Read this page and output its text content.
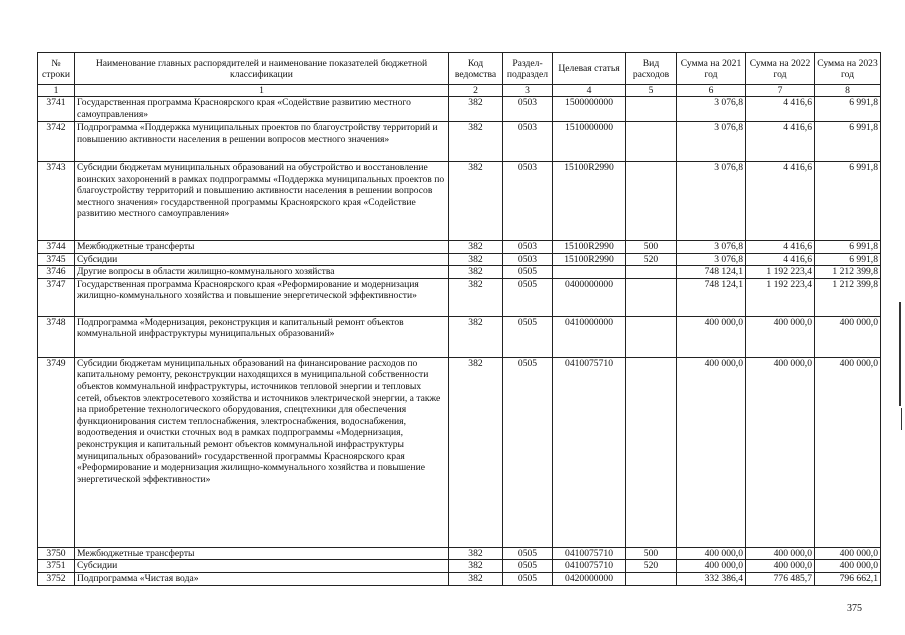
№ строки	Наименование главных распорядителей и наименование показателей бюджетной классификации	Код ведомства	Раздел-подраздел	Целевая статья	Вид расходов	Сумма на 2021 год	Сумма на 2022 год	Сумма на 2023 год
1	1	2	3	4	5	6	7	8
3741	Государственная программа Красноярского края «Содействие развитию местного самоуправления»	382	0503	1500000000		3 076,8	4 416,6	6 991,8
3742	Подпрограмма «Поддержка муниципальных проектов по благоустройству территорий и повышению активности населения в решении вопросов местного значения»	382	0503	1510000000		3 076,8	4 416,6	6 991,8
3743	Субсидии бюджетам муниципальных образований на обустройство и восстановление воинских захоронений в рамках подпрограммы «Поддержка муниципальных проектов по благоустройству территорий и повышению активности населения в решении вопросов местного значения» государственной программы Красноярского края «Содействие развитию местного самоуправления»	382	0503	15100R2990		3 076,8	4 416,6	6 991,8
3744	Межбюджетные трансферты	382	0503	15100R2990	500	3 076,8	4 416,6	6 991,8
3745	Субсидии	382	0503	15100R2990	520	3 076,8	4 416,6	6 991,8
3746	Другие вопросы в области жилищно-коммунального хозяйства	382	0505			748 124,1	1 192 223,4	1 212 399,8
3747	Государственная программа Красноярского края «Реформирование и модернизация жилищно-коммунального хозяйства и повышение энергетической эффективности»	382	0505	0400000000		748 124,1	1 192 223,4	1 212 399,8
3748	Подпрограмма «Модернизация, реконструкция и капитальный ремонт объектов коммунальной инфраструктуры муниципальных образований»	382	0505	0410000000		400 000,0	400 000,0	400 000,0
3749	Субсидии бюджетам муниципальных образований на финансирование расходов по капитальному ремонту, реконструкции находящихся в муниципальной собственности объектов коммунальной инфраструктуры, источников тепловой энергии и тепловых сетей, объектов электросетевого хозяйства и источников электрической энергии, а также на приобретение технологического оборудования, спецтехники для обеспечения функционирования систем теплоснабжения, электроснабжения, водоснабжения, водоотведения и очистки сточных вод в рамках подпрограммы «Модернизация, реконструкция и капитальный ремонт объектов коммунальной инфраструктуры муниципальных образований» государственной программы Красноярского края «Реформирование и модернизация жилищно-коммунального хозяйства и повышение энергетической эффективности»	382	0505	0410075710		400 000,0	400 000,0	400 000,0
3750	Межбюджетные трансферты	382	0505	0410075710	500	400 000,0	400 000,0	400 000,0
3751	Субсидии	382	0505	0410075710	520	400 000,0	400 000,0	400 000,0
3752	Подпрограмма «Чистая вода»	382	0505	0420000000		332 386,4	776 485,7	796 662,1
375
